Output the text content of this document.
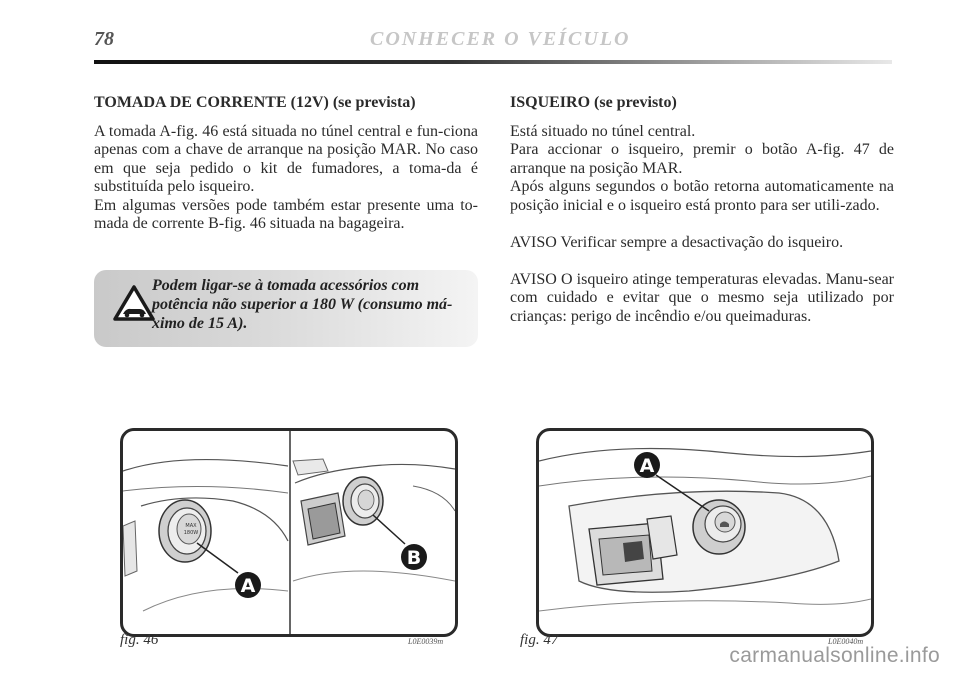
78	CONHECER O VEÍCULO

TOMADA DE CORRENTE (12V) (se prevista)

A tomada A-fig. 46 está situada no túnel central e fun-ciona apenas com a chave de arranque na posição MAR. No caso em que seja pedido o kit de fumadores, a toma-da é substituída pelo isqueiro.

Em algumas versões pode também estar presente uma to-mada de corrente B-fig. 46 situada na bagageira.

Podem ligar-se à tomada acessórios com potência não superior a 180 W (consumo má-ximo de 15 A).

ISQUEIRO (se previsto)

Está situado no túnel central.

Para accionar o isqueiro, premir o botão A-fig. 47 de arranque na posição MAR.

Após alguns segundos o botão retorna automaticamente na posição inicial e o isqueiro está pronto para ser utili-zado.

AVISO Verificar sempre a desactivação do isqueiro.

AVISO O isqueiro atinge temperaturas elevadas. Manu-sear com cuidado e evitar que o mesmo seja utilizado por crianças: perigo de incêndio e/ou queimaduras.

MAX
180W
A
B
A
fig. 46	L0E0039m	fig. 47	L0E0040m
carmanualsonline.info
